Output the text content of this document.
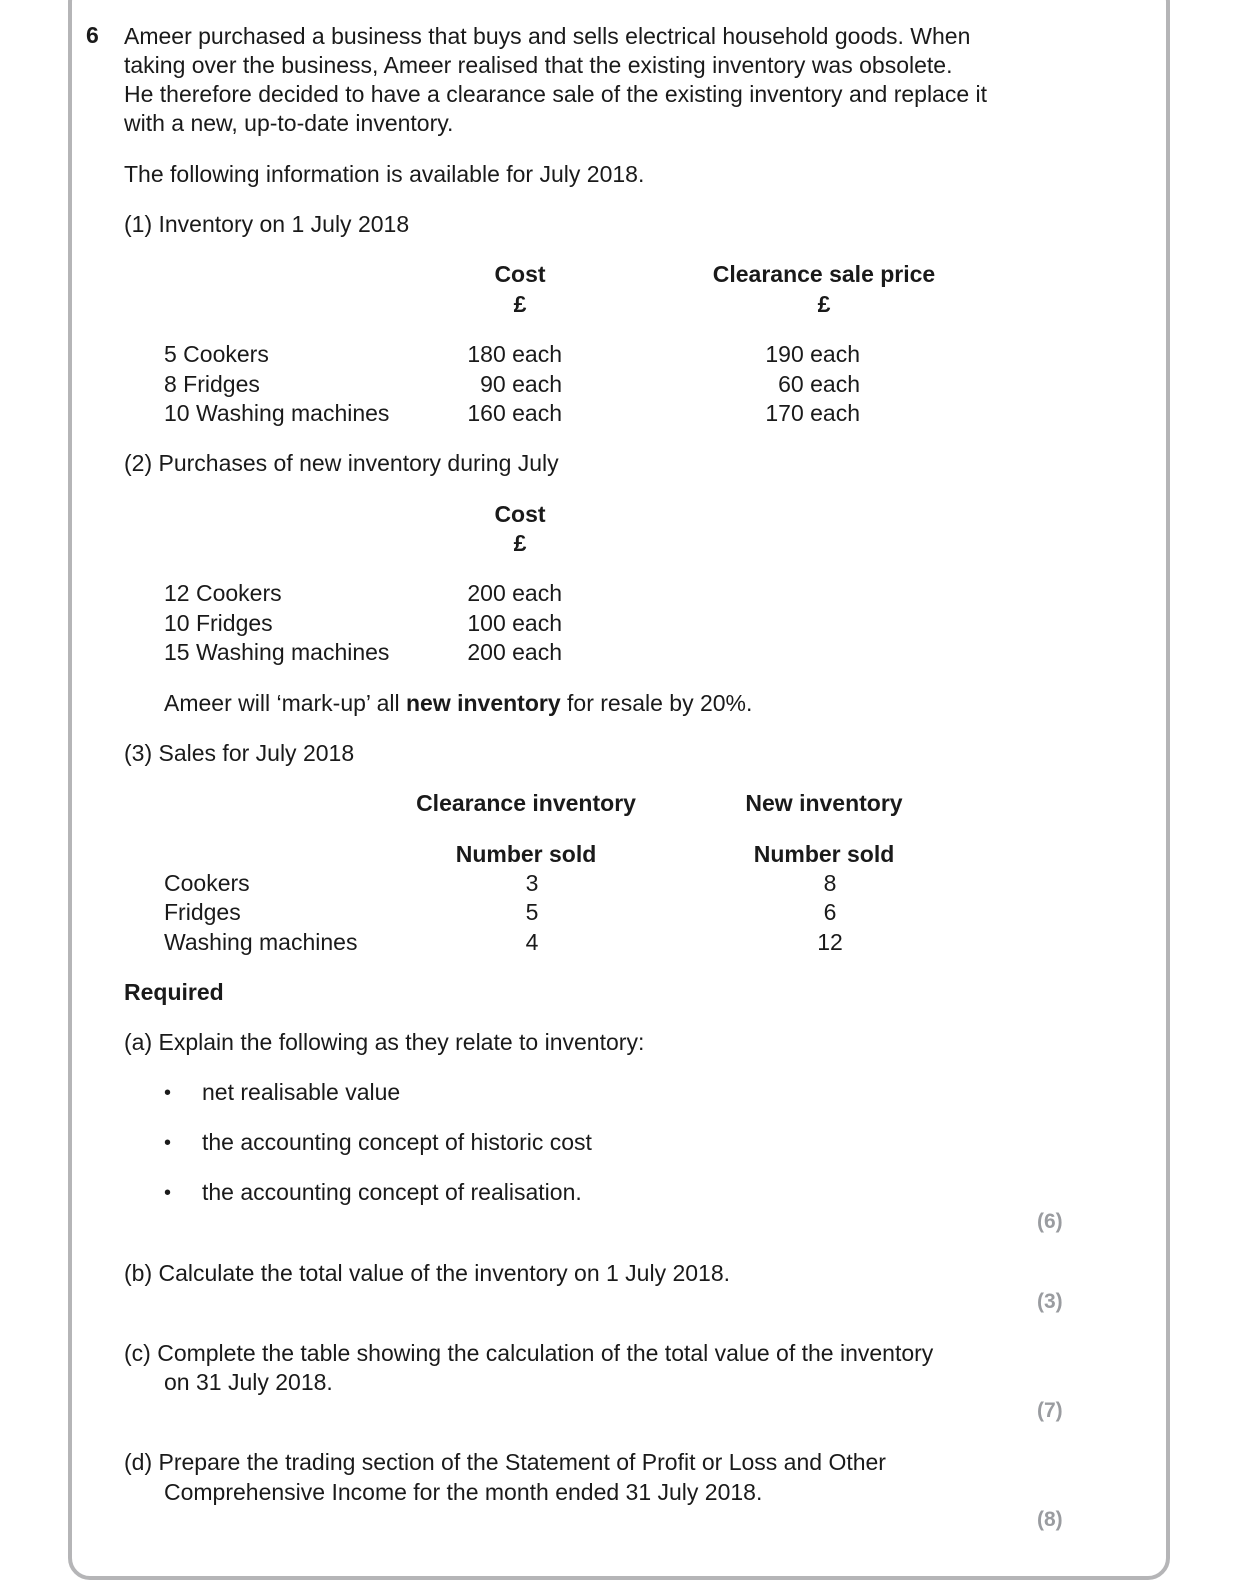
6 Ameer purchased a business that buys and sells electrical household goods. When
taking over the business, Ameer realised that the existing inventory was obsolete.
He therefore decided to have a clearance sale of the existing inventory and replace it
with a new, up-to-date inventory.
The following information is available for July 2018.
(1) Inventory on 1 July 2018
Cost
£
Clearance sale price
£
5 Cookers	180 each	190 each
8 Fridges	90 each	60 each
10 Washing machines	160 each	170 each
(2) Purchases of new inventory during July
Cost
£
12 Cookers	200 each
10 Fridges	100 each
15 Washing machines	200 each
Ameer will ‘mark-up’ all new inventory for resale by 20%.
(3) Sales for July 2018
Clearance inventory	New inventory
Number sold	Number sold
Cookers	3	8
Fridges	5	6
Washing machines	4	12
Required
(a) Explain the following as they relate to inventory:
• net realisable value
• the accounting concept of historic cost
• the accounting concept of realisation.
(6)
(b) Calculate the total value of the inventory on 1 July 2018.
(3)
(c) Complete the table showing the calculation of the total value of the inventory
on 31 July 2018.
(7)
(d) Prepare the trading section of the Statement of Profit or Loss and Other
Comprehensive Income for the month ended 31 July 2018.
(8)
